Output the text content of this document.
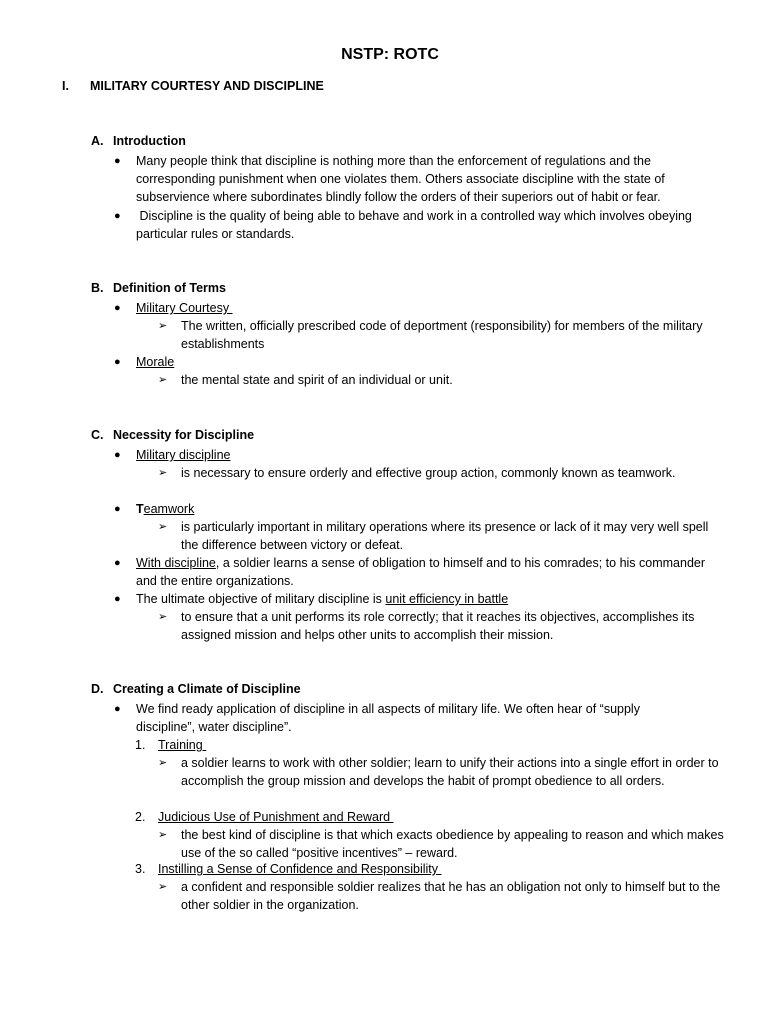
NSTP: ROTC
I. MILITARY COURTESY AND DISCIPLINE
A. Introduction
● Many people think that discipline is nothing more than the enforcement of regulations and the corresponding punishment when one violates them. Others associate discipline with the state of subservience where subordinates blindly follow the orders of their superiors out of habit or fear.
● Discipline is the quality of being able to behave and work in a controlled way which involves obeying particular rules or standards.
B. Definition of Terms
● Military Courtesy
➢ The written, officially prescribed code of deportment (responsibility) for members of the military establishments
● Morale
➢ the mental state and spirit of an individual or unit.
C. Necessity for Discipline
● Military discipline
➢ is necessary to ensure orderly and effective group action, commonly known as teamwork.
● Teamwork
➢ is particularly important in military operations where its presence or lack of it may very well spell the difference between victory or defeat.
● With discipline, a soldier learns a sense of obligation to himself and to his comrades; to his commander and the entire organizations.
● The ultimate objective of military discipline is unit efficiency in battle
➢ to ensure that a unit performs its role correctly; that it reaches its objectives, accomplishes its assigned mission and helps other units to accomplish their mission.
D. Creating a Climate of Discipline
● We find ready application of discipline in all aspects of military life. We often hear of “supply discipline”, water discipline”.
1. Training
➢ a soldier learns to work with other soldier; learn to unify their actions into a single effort in order to accomplish the group mission and develops the habit of prompt obedience to all orders.
2. Judicious Use of Punishment and Reward
➢ the best kind of discipline is that which exacts obedience by appealing to reason and which makes use of the so called “positive incentives” – reward.
3. Instilling a Sense of Confidence and Responsibility
➢ a confident and responsible soldier realizes that he has an obligation not only to himself but to the other soldier in the organization.
